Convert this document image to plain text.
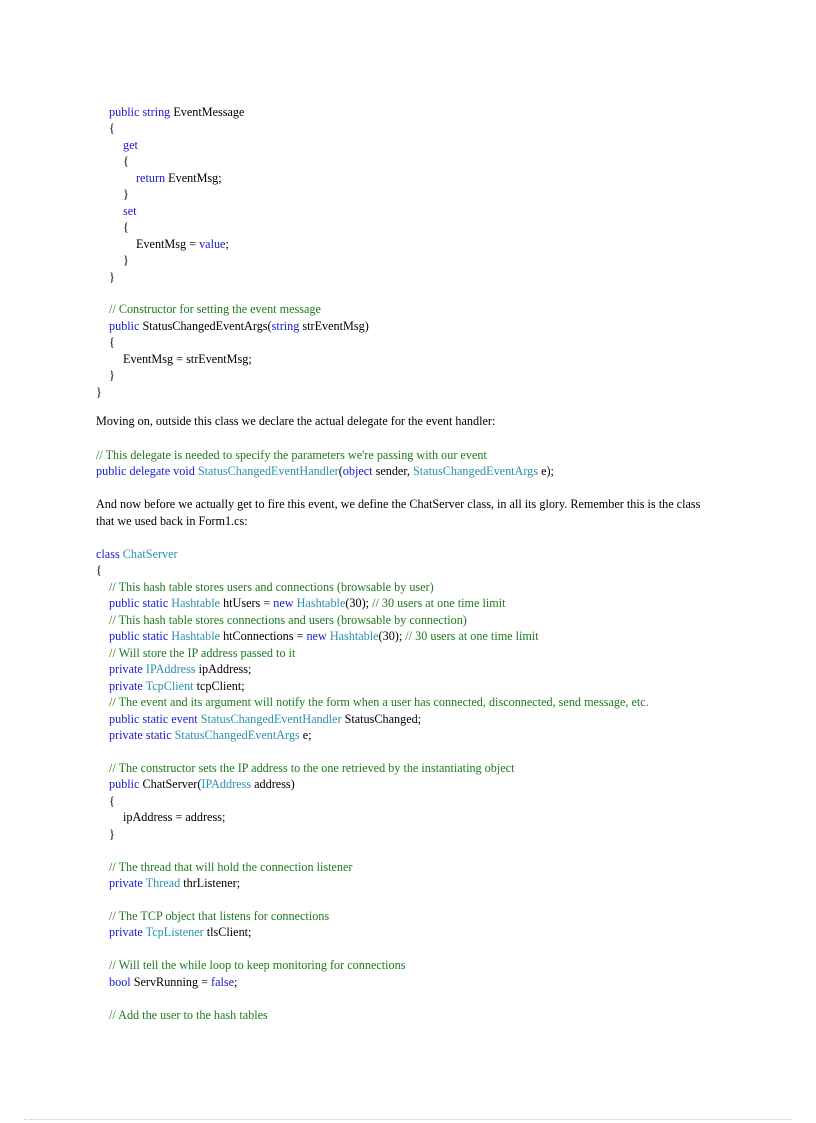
public string EventMessage
{
get
{
return EventMsg;
}
set
{
EventMsg = value;
}
}
// Constructor for setting the event message
public StatusChangedEventArgs(string strEventMsg)
{
EventMsg = strEventMsg;
}
}
Moving on, outside this class we declare the actual delegate for the event handler:
// This delegate is needed to specify the parameters we're passing with our event
public delegate void StatusChangedEventHandler(object sender, StatusChangedEventArgs e);
And now before we actually get to fire this event, we define the ChatServer class, in all its glory. Remember this is the class that we used back in Form1.cs:
class ChatServer
{
// This hash table stores users and connections (browsable by user)
public static Hashtable htUsers = new Hashtable(30); // 30 users at one time limit
// This hash table stores connections and users (browsable by connection)
public static Hashtable htConnections = new Hashtable(30); // 30 users at one time limit
// Will store the IP address passed to it
private IPAddress ipAddress;
private TcpClient tcpClient;
// The event and its argument will notify the form when a user has connected, disconnected, send message, etc.
public static event StatusChangedEventHandler StatusChanged;
private static StatusChangedEventArgs e;
// The constructor sets the IP address to the one retrieved by the instantiating object
public ChatServer(IPAddress address)
{
ipAddress = address;
}
// The thread that will hold the connection listener
private Thread thrListener;
// The TCP object that listens for connections
private TcpListener tlsClient;
// Will tell the while loop to keep monitoring for connections
bool ServRunning = false;
// Add the user to the hash tables
